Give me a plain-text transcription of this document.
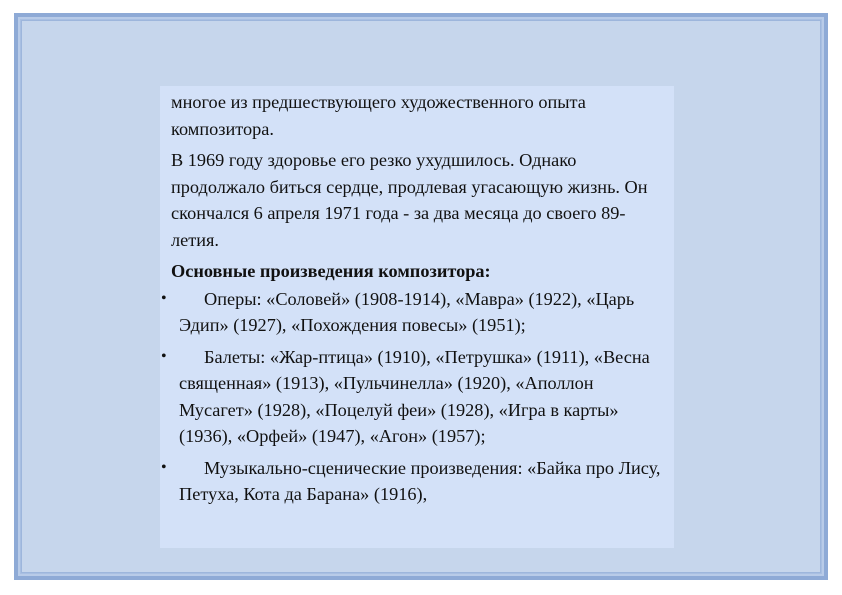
многое из предшествующего художественного опыта композитора.

В 1969 году здоровье его резко ухудшилось. Однако продолжало биться сердце, продлевая угасающую жизнь. Он скончался 6 апреля 1971 года - за два месяца до своего 89-летия.

Основные произведения композитора:

• Оперы: «Соловей» (1908-1914), «Мавра» (1922), «Царь Эдип» (1927), «Похождения повесы» (1951);
• Балеты: «Жар-птица» (1910), «Петрушка» (1911), «Весна священная» (1913), «Пульчинелла» (1920), «Аполлон Мусагет» (1928), «Поцелуй феи» (1928), «Игра в карты» (1936), «Орфей» (1947), «Агон» (1957);
• Музыкально-сценические произведения: «Байка про Лису, Петуха, Кота да Барана» (1916),
